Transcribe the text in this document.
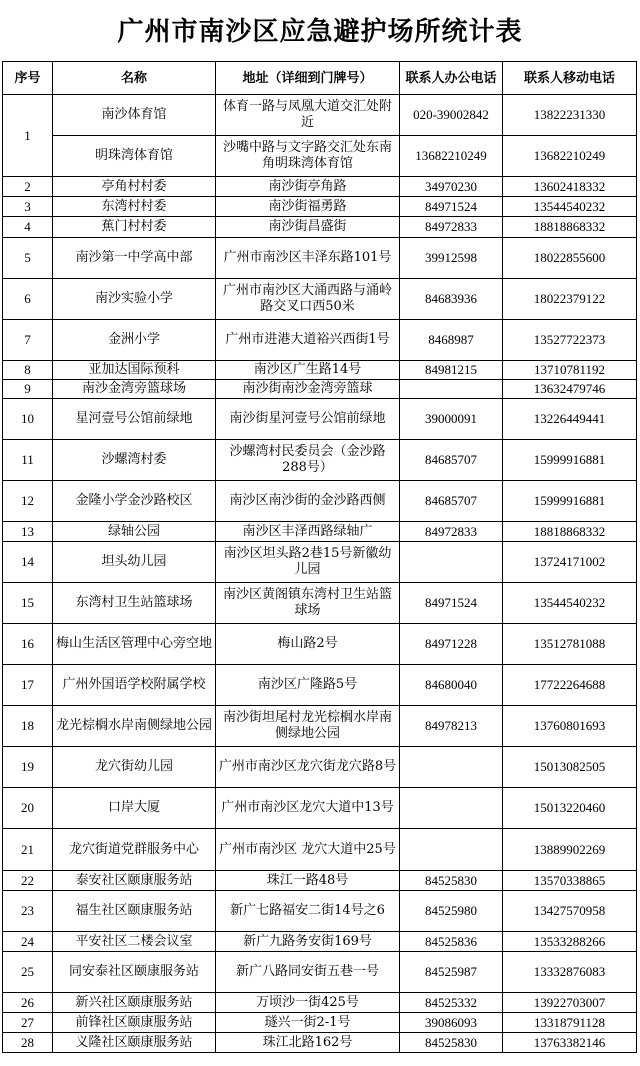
广州市南沙区应急避护场所统计表
序号	名称	地址（详细到门牌号）	联系人办公电话	联系人移动电话
1	南沙体育馆	体育一路与凤凰大道交汇处附近	020-39002842	13822231330
	明珠湾体育馆	沙嘴中路与文字路交汇处东南角明珠湾体育馆	13682210249	13682210249
2	亭角村村委	南沙街亭角路	34970230	13602418332
3	东湾村村委	南沙街福勇路	84971524	13544540232
4	蕉门村村委	南沙街昌盛街	84972833	18818868332
5	南沙第一中学高中部	广州市南沙区丰泽东路101号	39912598	18022855600
6	南沙实验小学	广州市南沙区大涌西路与涌岭路交叉口西50米	84683936	18022379122
7	金洲小学	广州市进港大道裕兴西街1号	8468987	13527722373
8	亚加达国际预科	南沙区广生路14号	84981215	13710781192
9	南沙金湾旁篮球场	南沙街南沙金湾旁篮球		13632479746
10	星河壹号公馆前绿地	南沙街星河壹号公馆前绿地	39000091	13226449441
11	沙螺湾村委	沙螺湾村民委员会（金沙路288号）	84685707	15999916881
12	金隆小学金沙路校区	南沙区南沙街的金沙路西侧	84685707	15999916881
13	绿轴公园	南沙区丰泽西路绿轴广	84972833	18818868332
14	坦头幼儿园	南沙区坦头路2巷15号新徽幼儿园		13724171002
15	东湾村卫生站篮球场	南沙区黄阁镇东湾村卫生站篮球场	84971524	13544540232
16	梅山生活区管理中心旁空地	梅山路2号	84971228	13512781088
17	广州外国语学校附属学校	南沙区广隆路5号	84680040	17722264688
18	龙光棕榈水岸南侧绿地公园	南沙街坦尾村龙光棕榈水岸南侧绿地公园	84978213	13760801693
19	龙穴街幼儿园	广州市南沙区龙穴街龙穴路8号		15013082505
20	口岸大厦	广州市南沙区龙穴大道中13号		15013220460
21	龙穴街道党群服务中心	广州市南沙区 龙穴大道中25号		13889902269
22	泰安社区颐康服务站	珠江一路48号	84525830	13570338865
23	福生社区颐康服务站	新广七路福安二街14号之6	84525980	13427570958
24	平安社区二楼会议室	新广九路务安街169号	84525836	13533288266
25	同安泰社区颐康服务站	新广八路同安街五巷一号	84525987	13332876083
26	新兴社区颐康服务站	万顷沙一街425号	84525332	13922703007
27	前锋社区颐康服务站	璲兴一街2-1号	39086093	13318791128
28	义隆社区颐康服务站	珠江北路162号	84525830	13763382146
